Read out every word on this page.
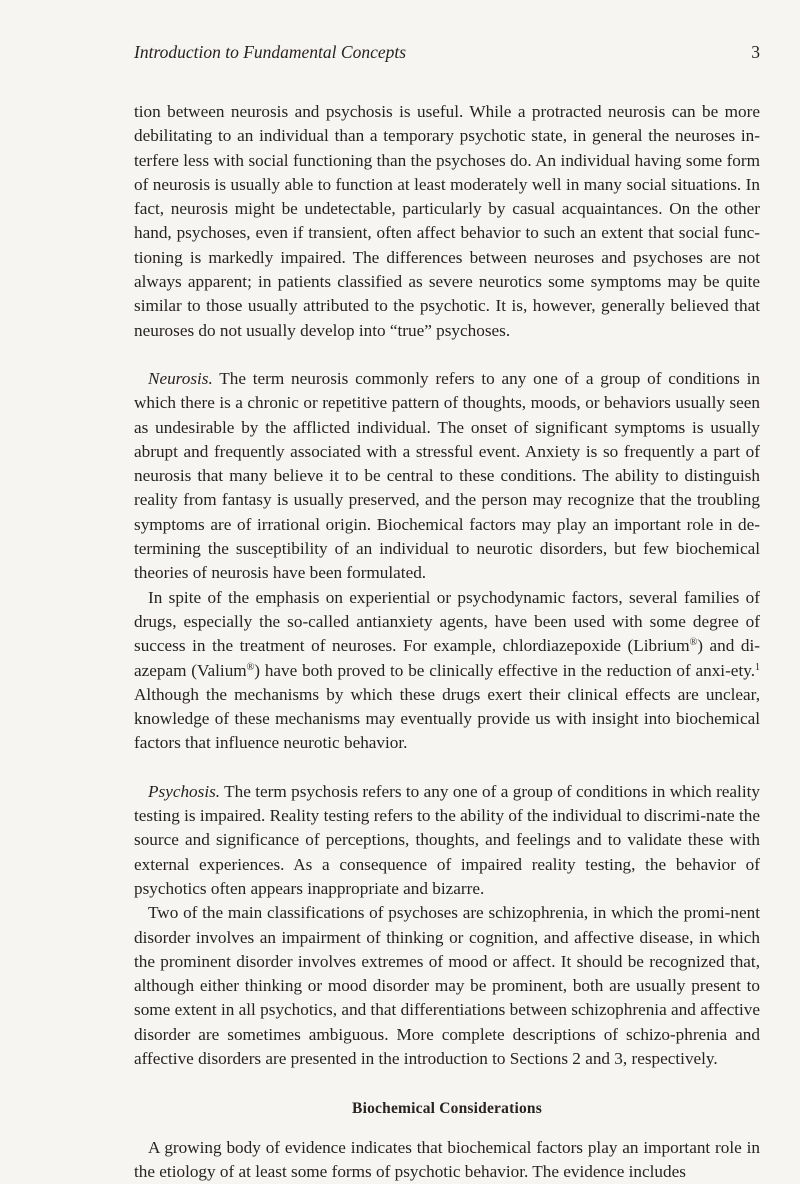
Introduction to Fundamental Concepts	3

tion between neurosis and psychosis is useful. While a protracted neurosis can be more debilitating to an individual than a temporary psychotic state, in general the neuroses in-terfere less with social functioning than the psychoses do. An individual having some form of neurosis is usually able to function at least moderately well in many social situations. In fact, neurosis might be undetectable, particularly by casual acquaintances. On the other hand, psychoses, even if transient, often affect behavior to such an extent that social func-tioning is markedly impaired. The differences between neuroses and psychoses are not always apparent; in patients classified as severe neurotics some symptoms may be quite similar to those usually attributed to the psychotic. It is, however, generally believed that neuroses do not usually develop into “true” psychoses.

Neurosis. The term neurosis commonly refers to any one of a group of conditions in which there is a chronic or repetitive pattern of thoughts, moods, or behaviors usually seen as undesirable by the afflicted individual. The onset of significant symptoms is usually abrupt and frequently associated with a stressful event. Anxiety is so frequently a part of neurosis that many believe it to be central to these conditions. The ability to distinguish reality from fantasy is usually preserved, and the person may recognize that the troubling symptoms are of irrational origin. Biochemical factors may play an important role in de-termining the susceptibility of an individual to neurotic disorders, but few biochemical theories of neurosis have been formulated.

In spite of the emphasis on experiential or psychodynamic factors, several families of drugs, especially the so-called antianxiety agents, have been used with some degree of success in the treatment of neuroses. For example, chlordiazepoxide (Librium®) and di-azepam (Valium®) have both proved to be clinically effective in the reduction of anxi-ety.$^1$ Although the mechanisms by which these drugs exert their clinical effects are unclear, knowledge of these mechanisms may eventually provide us with insight into biochemical factors that influence neurotic behavior.

Psychosis. The term psychosis refers to any one of a group of conditions in which reality testing is impaired. Reality testing refers to the ability of the individual to discrimi-nate the source and significance of perceptions, thoughts, and feelings and to validate these with external experiences. As a consequence of impaired reality testing, the behavior of psychotics often appears inappropriate and bizarre.

Two of the main classifications of psychoses are schizophrenia, in which the promi-nent disorder involves an impairment of thinking or cognition, and affective disease, in which the prominent disorder involves extremes of mood or affect. It should be recognized that, although either thinking or mood disorder may be prominent, both are usually present to some extent in all psychotics, and that differentiations between schizophrenia and affective disorder are sometimes ambiguous. More complete descriptions of schizo-phrenia and affective disorders are presented in the introduction to Sections 2 and 3, respectively.

Biochemical Considerations

A growing body of evidence indicates that biochemical factors play an important role in the etiology of at least some forms of psychotic behavior. The evidence includes
